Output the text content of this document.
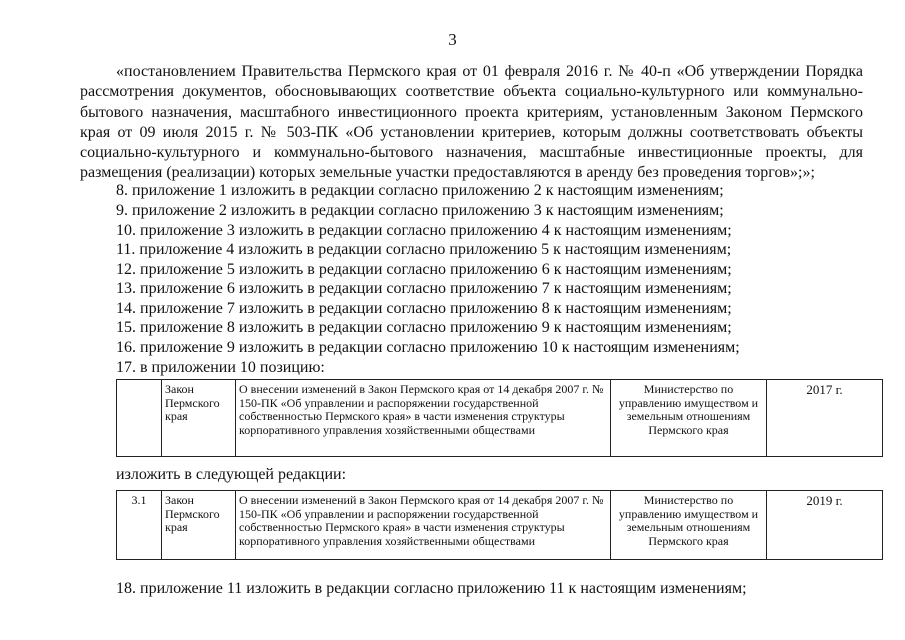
3

«постановлением Правительства Пермского края от 01 февраля 2016 г. № 40-п «Об утверждении Порядка рассмотрения документов, обосновывающих соответствие объекта социально-культурного или коммунально-бытового назначения, масштабного инвестиционного проекта критериям, установленным Законом Пермского края от 09 июля 2015 г. № 503-ПК «Об установлении критериев, которым должны соответствовать объекты социально-культурного и коммунально-бытового назначения, масштабные инвестиционные проекты, для размещения (реализации) которых земельные участки предоставляются в аренду без проведения торгов»;»;

8. приложение 1 изложить в редакции согласно приложению 2 к настоящим изменениям;
9. приложение 2 изложить в редакции согласно приложению 3 к настоящим изменениям;
10. приложение 3 изложить в редакции согласно приложению 4 к настоящим изменениям;
11. приложение 4 изложить в редакции согласно приложению 5 к настоящим изменениям;
12. приложение 5 изложить в редакции согласно приложению 6 к настоящим изменениям;
13. приложение 6 изложить в редакции согласно приложению 7 к настоящим изменениям;
14. приложение 7 изложить в редакции согласно приложению 8 к настоящим изменениям;
15. приложение 8 изложить в редакции согласно приложению 9 к настоящим изменениям;
16. приложение 9 изложить в редакции согласно приложению 10 к настоящим изменениям;
17. в приложении 10 позицию:
	Закон Пермского края	О внесении изменений в Закон Пермского края от 14 декабря 2007 г. № 150-ПК «Об управлении и распоряжении государственной собственностью Пермского края» в части изменения структуры корпоративного управления хозяйственными обществами	Министерство по управлению имуществом и земельным отношениям Пермского края	2017 г.
изложить в следующей редакции:
3.1	Закон Пермского края	О внесении изменений в Закон Пермского края от 14 декабря 2007 г. № 150-ПК «Об управлении и распоряжении государственной собственностью Пермского края» в части изменения структуры корпоративного управления хозяйственными обществами	Министерство по управлению имуществом и земельным отношениям Пермского края	2019 г.
18. приложение 11 изложить в редакции согласно приложению 11 к настоящим изменениям;
